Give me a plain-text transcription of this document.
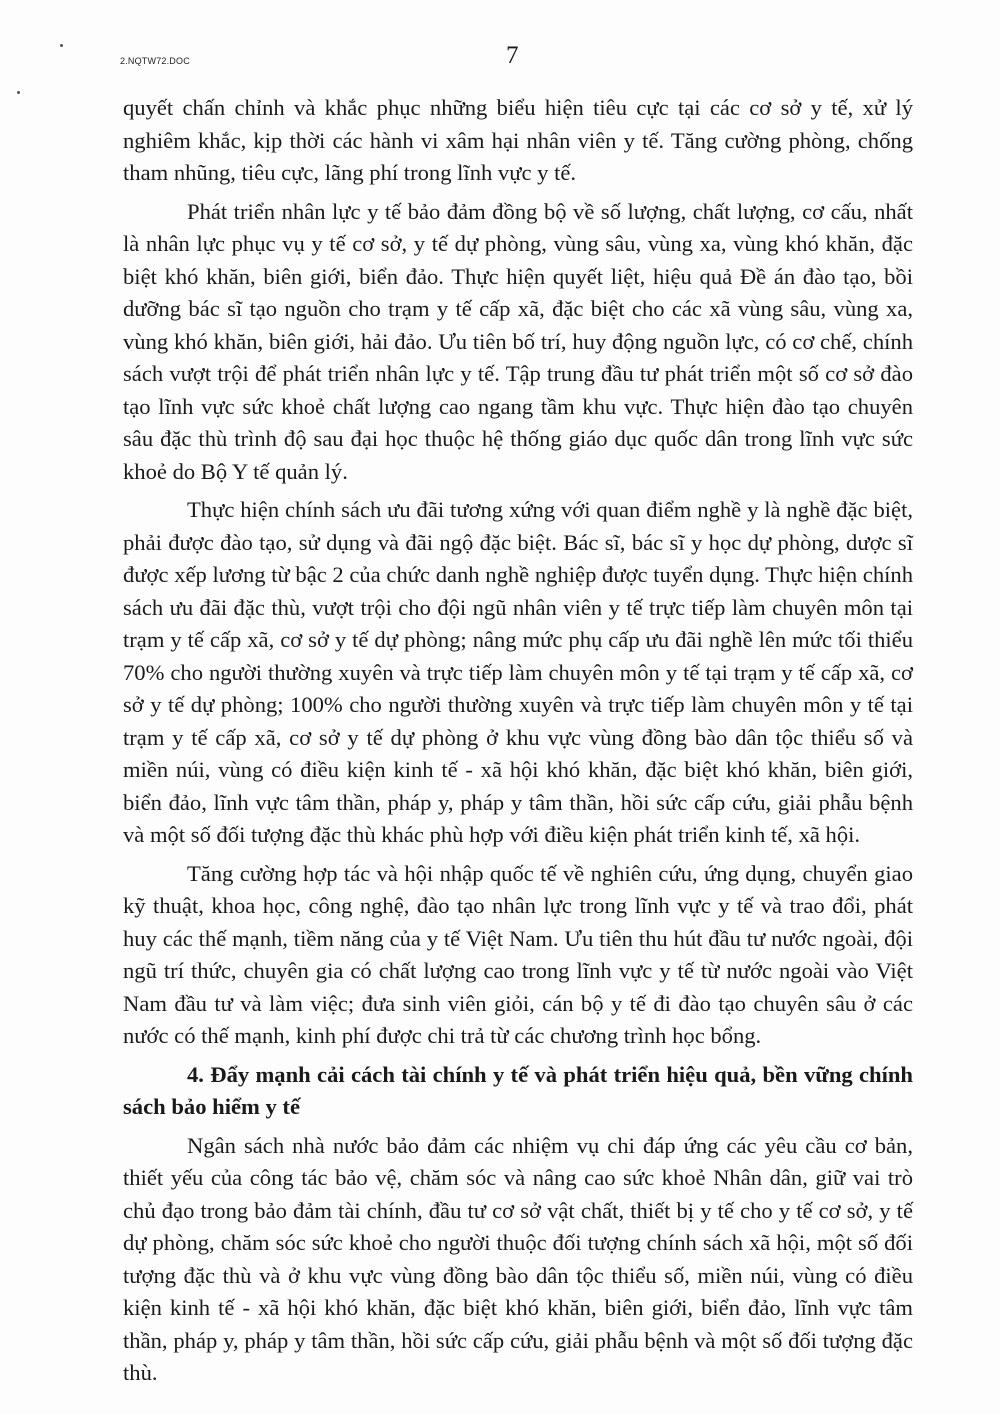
2.NQTW72.DOC	7

quyết chấn chỉnh và khắc phục những biểu hiện tiêu cực tại các cơ sở y tế, xử lý nghiêm khắc, kịp thời các hành vi xâm hại nhân viên y tế. Tăng cường phòng, chống tham nhũng, tiêu cực, lãng phí trong lĩnh vực y tế.

Phát triển nhân lực y tế bảo đảm đồng bộ về số lượng, chất lượng, cơ cấu, nhất là nhân lực phục vụ y tế cơ sở, y tế dự phòng, vùng sâu, vùng xa, vùng khó khăn, đặc biệt khó khăn, biên giới, biển đảo. Thực hiện quyết liệt, hiệu quả Đề án đào tạo, bồi dưỡng bác sĩ tạo nguồn cho trạm y tế cấp xã, đặc biệt cho các xã vùng sâu, vùng xa, vùng khó khăn, biên giới, hải đảo. Ưu tiên bố trí, huy động nguồn lực, có cơ chế, chính sách vượt trội để phát triển nhân lực y tế. Tập trung đầu tư phát triển một số cơ sở đào tạo lĩnh vực sức khoẻ chất lượng cao ngang tầm khu vực. Thực hiện đào tạo chuyên sâu đặc thù trình độ sau đại học thuộc hệ thống giáo dục quốc dân trong lĩnh vực sức khoẻ do Bộ Y tế quản lý.

Thực hiện chính sách ưu đãi tương xứng với quan điểm nghề y là nghề đặc biệt, phải được đào tạo, sử dụng và đãi ngộ đặc biệt. Bác sĩ, bác sĩ y học dự phòng, dược sĩ được xếp lương từ bậc 2 của chức danh nghề nghiệp được tuyển dụng. Thực hiện chính sách ưu đãi đặc thù, vượt trội cho đội ngũ nhân viên y tế trực tiếp làm chuyên môn tại trạm y tế cấp xã, cơ sở y tế dự phòng; nâng mức phụ cấp ưu đãi nghề lên mức tối thiểu 70% cho người thường xuyên và trực tiếp làm chuyên môn y tế tại trạm y tế cấp xã, cơ sở y tế dự phòng; 100% cho người thường xuyên và trực tiếp làm chuyên môn y tế tại trạm y tế cấp xã, cơ sở y tế dự phòng ở khu vực vùng đồng bào dân tộc thiểu số và miền núi, vùng có điều kiện kinh tế - xã hội khó khăn, đặc biệt khó khăn, biên giới, biển đảo, lĩnh vực tâm thần, pháp y, pháp y tâm thần, hồi sức cấp cứu, giải phẫu bệnh và một số đối tượng đặc thù khác phù hợp với điều kiện phát triển kinh tế, xã hội.

Tăng cường hợp tác và hội nhập quốc tế về nghiên cứu, ứng dụng, chuyển giao kỹ thuật, khoa học, công nghệ, đào tạo nhân lực trong lĩnh vực y tế và trao đổi, phát huy các thế mạnh, tiềm năng của y tế Việt Nam. Ưu tiên thu hút đầu tư nước ngoài, đội ngũ trí thức, chuyên gia có chất lượng cao trong lĩnh vực y tế từ nước ngoài vào Việt Nam đầu tư và làm việc; đưa sinh viên giỏi, cán bộ y tế đi đào tạo chuyên sâu ở các nước có thế mạnh, kinh phí được chi trả từ các chương trình học bổng.

4. Đẩy mạnh cải cách tài chính y tế và phát triển hiệu quả, bền vững chính sách bảo hiểm y tế

Ngân sách nhà nước bảo đảm các nhiệm vụ chi đáp ứng các yêu cầu cơ bản, thiết yếu của công tác bảo vệ, chăm sóc và nâng cao sức khoẻ Nhân dân, giữ vai trò chủ đạo trong bảo đảm tài chính, đầu tư cơ sở vật chất, thiết bị y tế cho y tế cơ sở, y tế dự phòng, chăm sóc sức khoẻ cho người thuộc đối tượng chính sách xã hội, một số đối tượng đặc thù và ở khu vực vùng đồng bào dân tộc thiểu số, miền núi, vùng có điều kiện kinh tế - xã hội khó khăn, đặc biệt khó khăn, biên giới, biển đảo, lĩnh vực tâm thần, pháp y, pháp y tâm thần, hồi sức cấp cứu, giải phẫu bệnh và một số đối tượng đặc thù.
